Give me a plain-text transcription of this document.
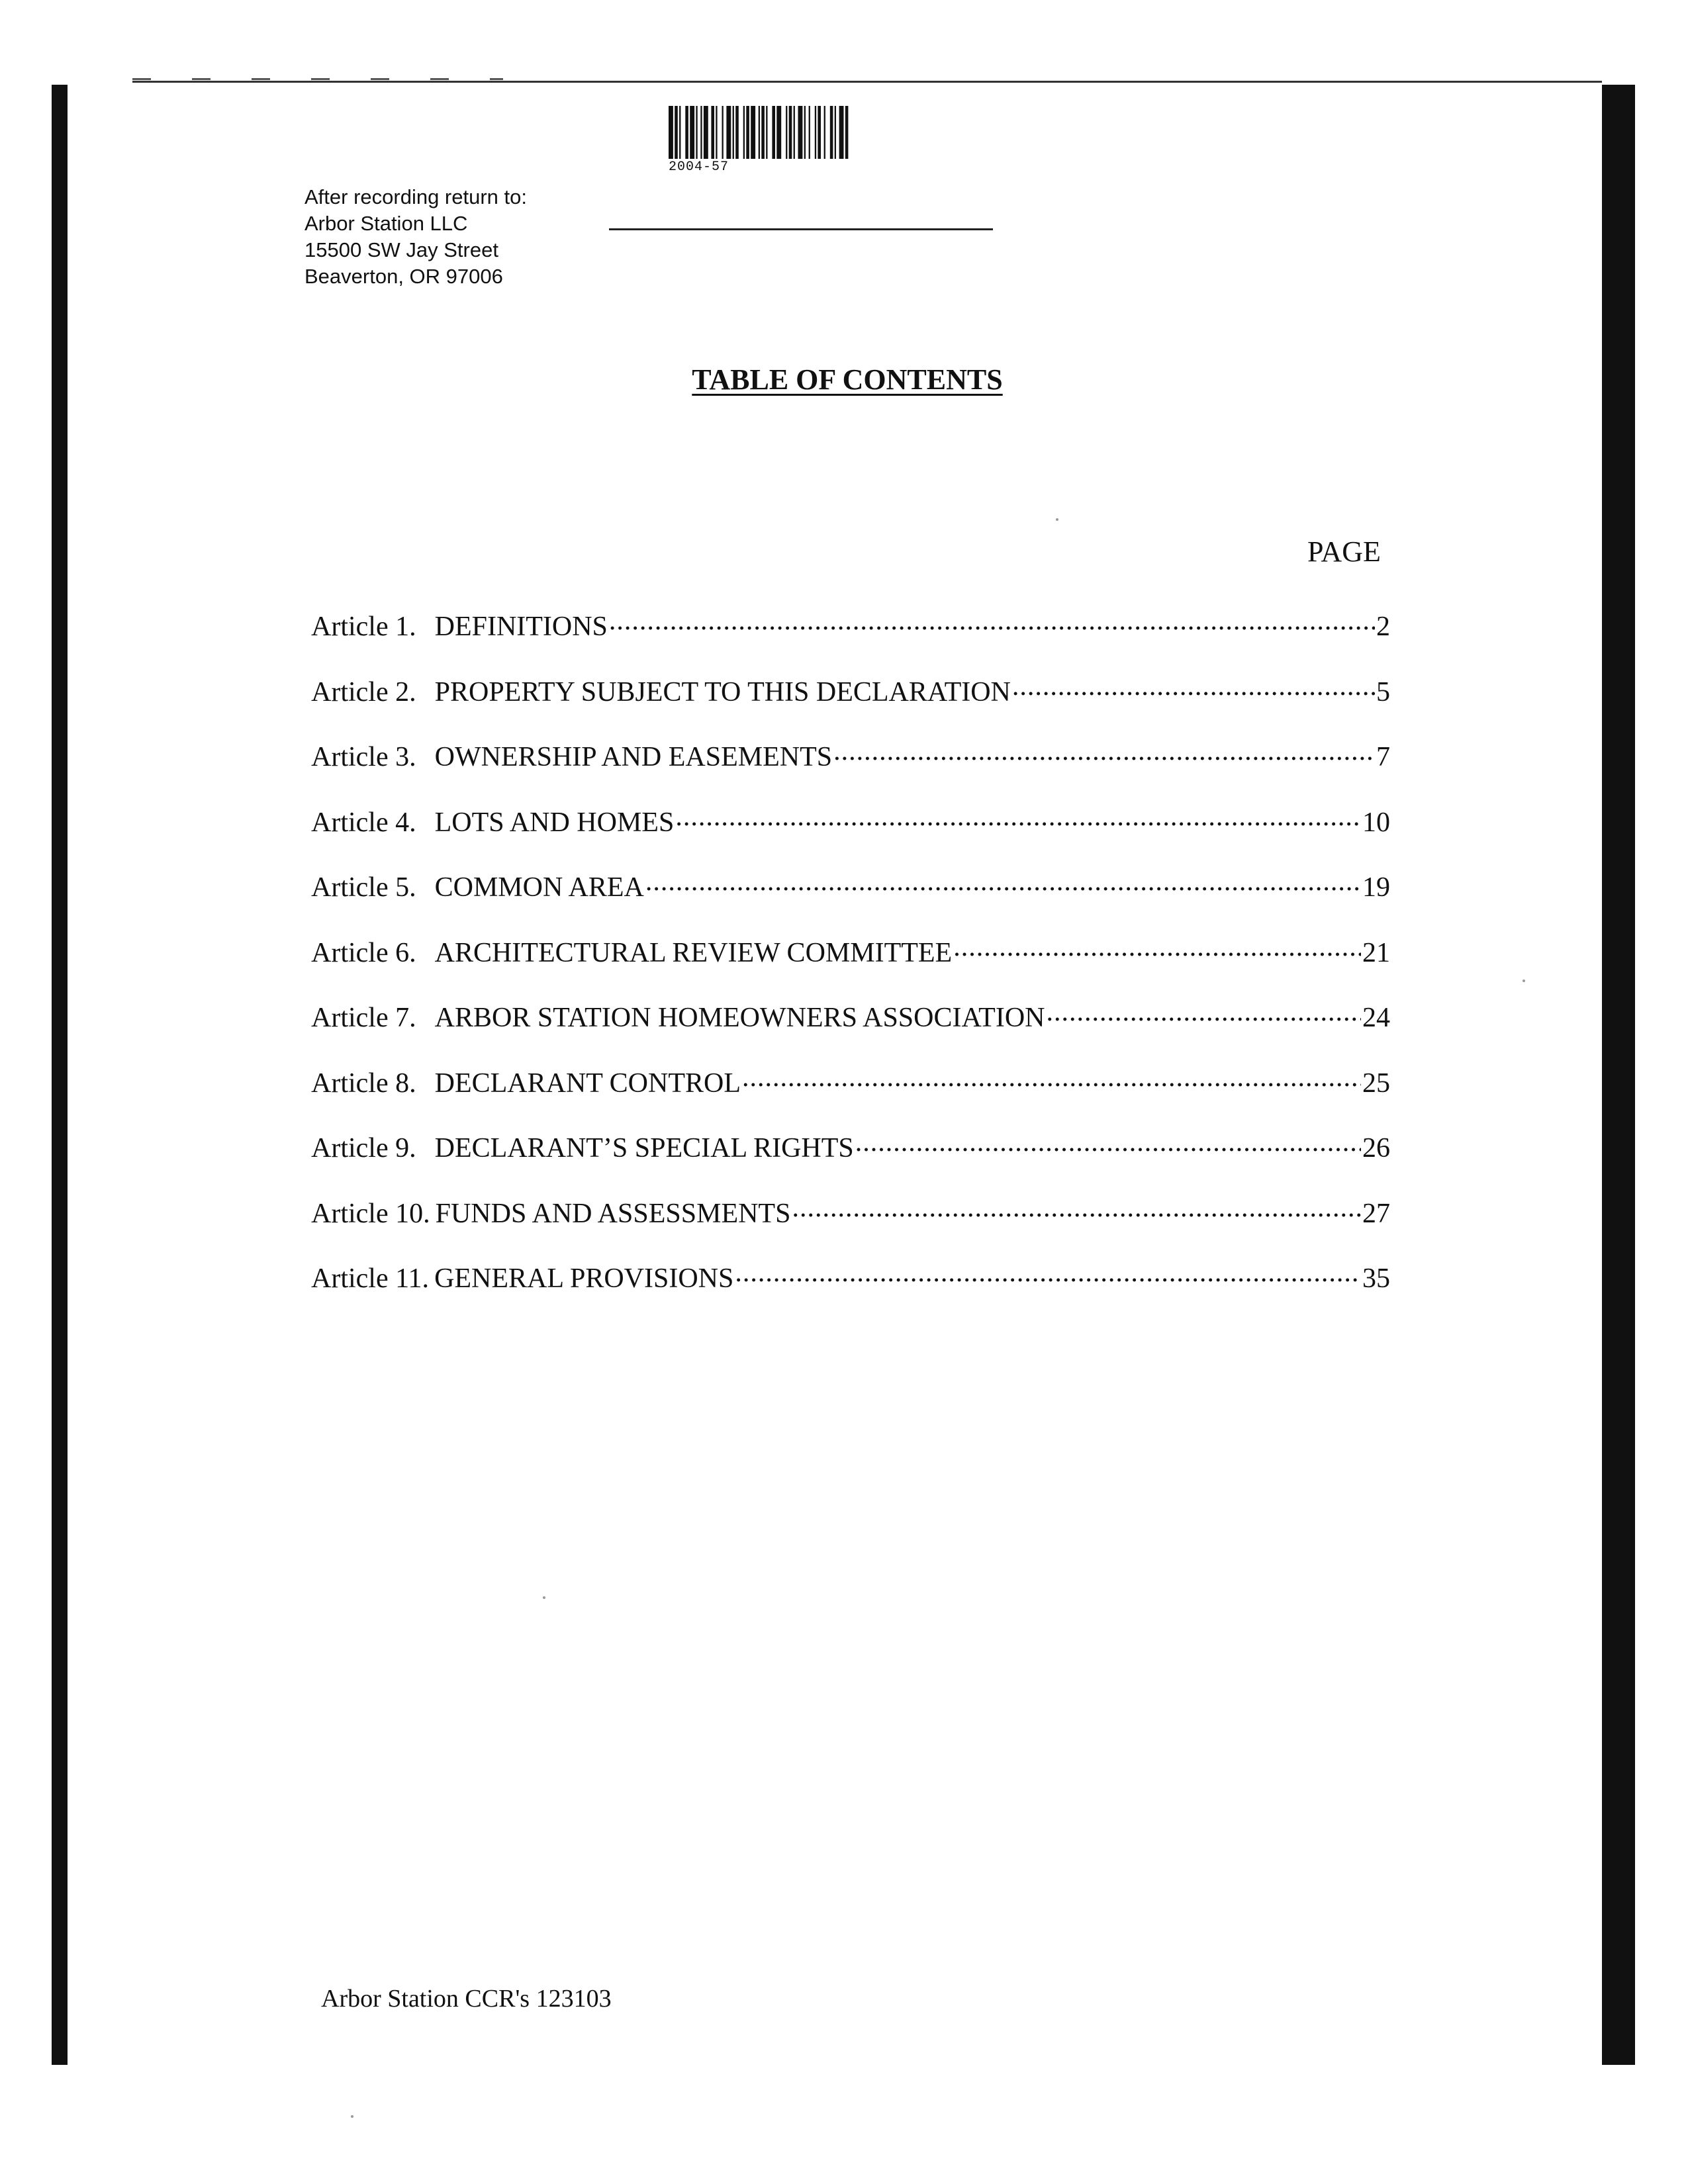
2004-57
After recording return to:
Arbor Station LLC
15500 SW Jay Street
Beaverton, OR 97006
TABLE OF CONTENTS
PAGE
Article 1. DEFINITIONS .....	2
Article 2. PROPERTY SUBJECT TO THIS DECLARATION .....	5
Article 3. OWNERSHIP AND EASEMENTS .....	7
Article 4. LOTS AND HOMES .....	10
Article 5. COMMON AREA .....	19
Article 6. ARCHITECTURAL REVIEW COMMITTEE .....	21
Article 7. ARBOR STATION HOMEOWNERS ASSOCIATION .....	24
Article 8. DECLARANT CONTROL .....	25
Article 9. DECLARANT’S SPECIAL RIGHTS .....	26
Article 10. FUNDS AND ASSESSMENTS .....	27
Article 11. GENERAL PROVISIONS .....	35
Arbor Station CCR's 123103
